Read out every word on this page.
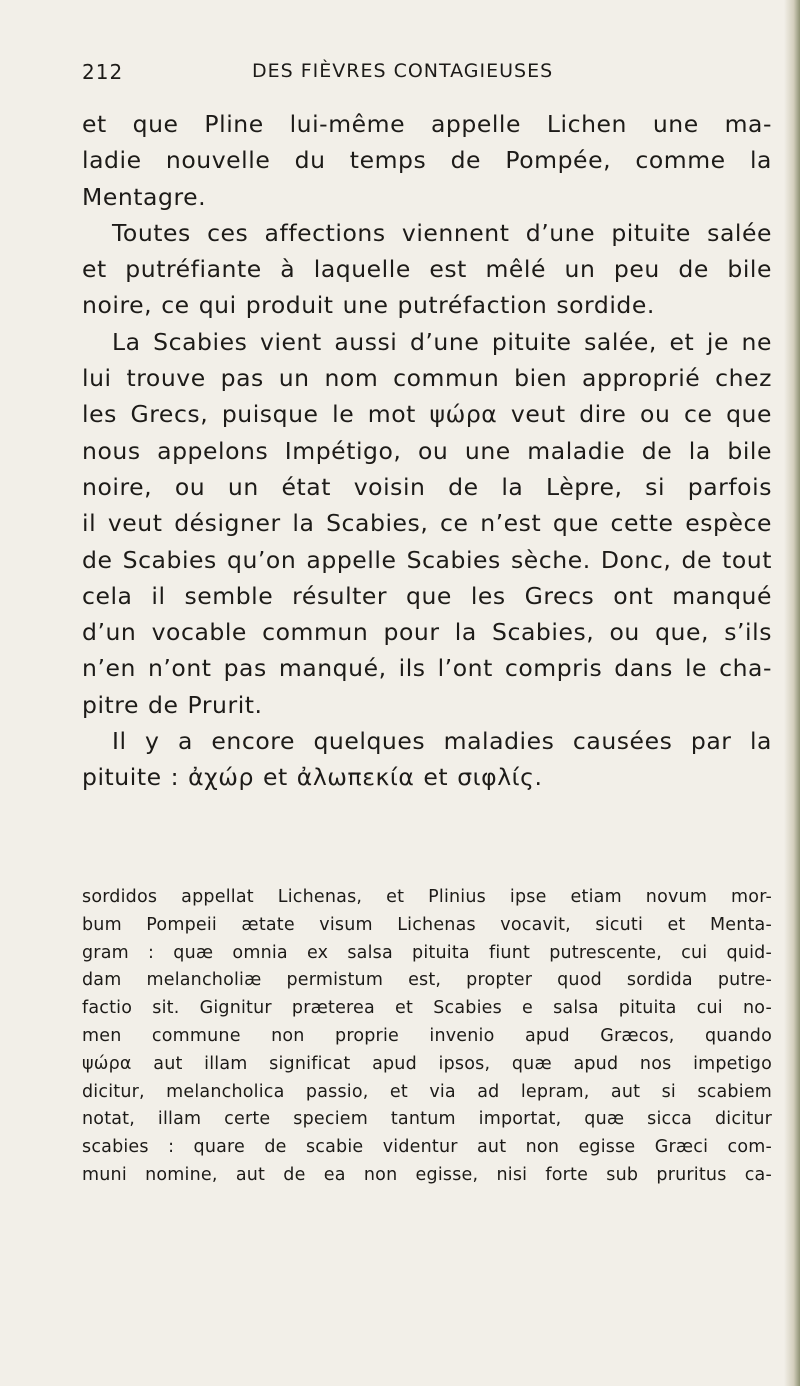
212	DES FIÈVRES CONTAGIEUSES
et que Pline lui-même appelle Lichen une ma-
ladie nouvelle du temps de Pompée, comme la
Mentagre.
Toutes ces affections viennent d’une pituite salée
et putréfiante à laquelle est mêlé un peu de bile
noire, ce qui produit une putréfaction sordide.
La Scabies vient aussi d’une pituite salée, et je ne
lui trouve pas un nom commun bien approprié chez
les Grecs, puisque le mot ψώρα veut dire ou ce que
nous appelons Impétigo, ou une maladie de la bile
noire, ou un état voisin de la Lèpre, si parfois
il veut désigner la Scabies, ce n’est que cette espèce
de Scabies qu’on appelle Scabies sèche. Donc, de tout
cela il semble résulter que les Grecs ont manqué
d’un vocable commun pour la Scabies, ou que, s’ils
n’en n’ont pas manqué, ils l’ont compris dans le cha-
pitre de Prurit.
Il y a encore quelques maladies causées par la
pituite : ἀχώρ et ἀλωπεκία et σιφλίς.
sordidos appellat Lichenas, et Plinius ipse etiam novum mor-
bum Pompeii ætate visum Lichenas vocavit, sicuti et Menta-
gram : quæ omnia ex salsa pituita fiunt putrescente, cui quid-
dam melancholiæ permistum est, propter quod sordida putre-
factio sit. Gignitur præterea et Scabies e salsa pituita cui no-
men commune non proprie invenio apud Græcos, quando
ψώρα aut illam significat apud ipsos, quæ apud nos impetigo
dicitur, melancholica passio, et via ad lepram, aut si scabiem
notat, illam certe speciem tantum importat, quæ sicca dicitur
scabies : quare de scabie videntur aut non egisse Græci com-
muni nomine, aut de ea non egisse, nisi forte sub pruritus ca-
